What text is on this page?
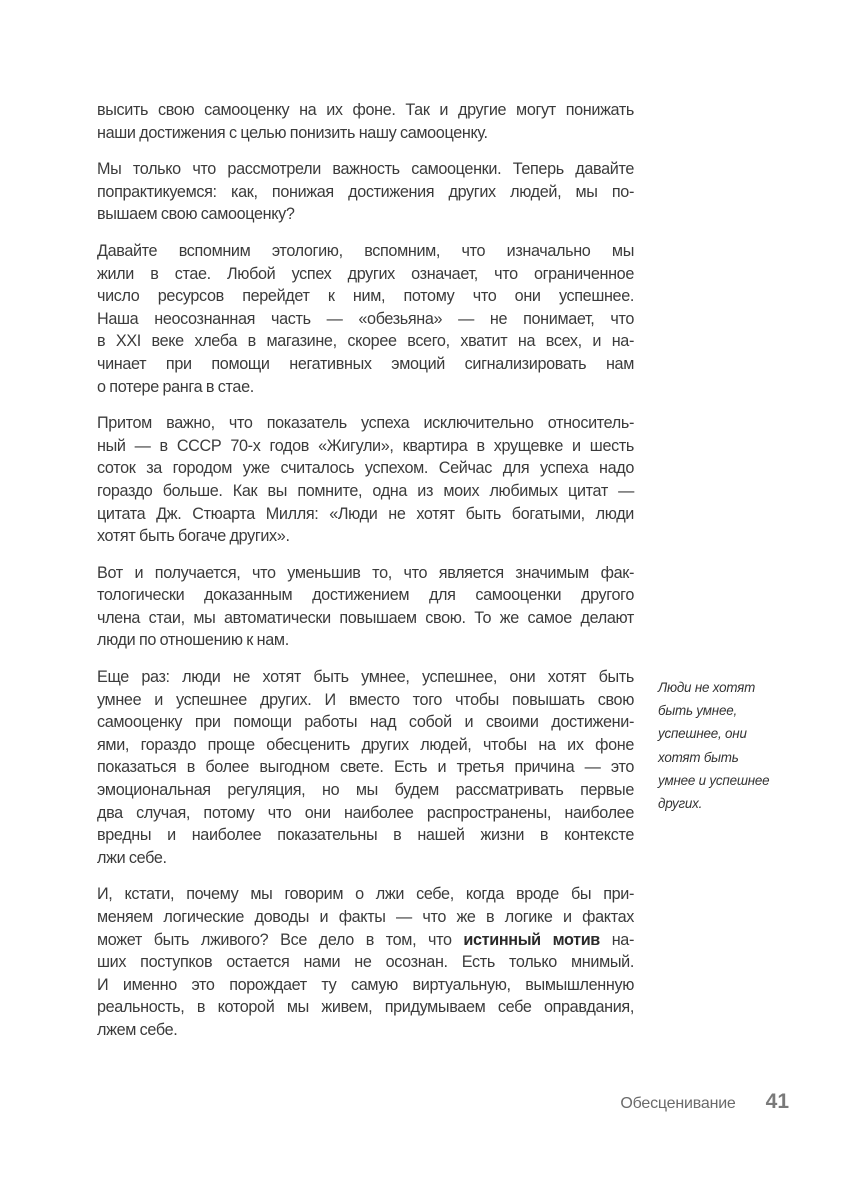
высить свою самооценку на их фоне. Так и другие могут понижать
наши достижения с целью понизить нашу самооценку.

Мы только что рассмотрели важность самооценки. Теперь давайте
попрактикуемся: как, понижая достижения других людей, мы по-
вышаем свою самооценку?

Давайте вспомним этологию, вспомним, что изначально мы
жили в стае. Любой успех других означает, что ограниченное
число ресурсов перейдет к ним, потому что они успешнее.
Наша неосознанная часть — «обезьяна» — не понимает, что
в XXI веке хлеба в магазине, скорее всего, хватит на всех, и на-
чинает при помощи негативных эмоций сигнализировать нам
о потере ранга в стае.

Притом важно, что показатель успеха исключительно относитель-
ный — в СССР 70-х годов «Жигули», квартира в хрущевке и шесть
соток за городом уже считалось успехом. Сейчас для успеха надо
гораздо больше. Как вы помните, одна из моих любимых цитат —
цитата Дж. Стюарта Милля: «Люди не хотят быть богатыми, люди
хотят быть богаче других».

Вот и получается, что уменьшив то, что является значимым фак-
тологически доказанным достижением для самооценки другого
члена стаи, мы автоматически повышаем свою. То же самое делают
люди по отношению к нам.

Еще раз: люди не хотят быть умнее, успешнее, они хотят быть
умнее и успешнее других. И вместо того чтобы повышать свою
самооценку при помощи работы над собой и своими достижени-
ями, гораздо проще обесценить других людей, чтобы на их фоне
показаться в более выгодном свете. Есть и третья причина — это
эмоциональная регуляция, но мы будем рассматривать первые
два случая, потому что они наиболее распространены, наиболее
вредны и наиболее показательны в нашей жизни в контексте
лжи себе.

И, кстати, почему мы говорим о лжи себе, когда вроде бы при-
меняем логические доводы и факты — что же в логике и фактах
может быть лживого? Все дело в том, что истинный мотив на-
ших поступков остается нами не осознан. Есть только мнимый.
И именно это порождает ту самую виртуальную, вымышленную
реальность, в которой мы живем, придумываем себе оправдания,
лжем себе.

Люди не хотят
быть умнее,
успешнее, они
хотят быть
умнее и успешнее
других.
Обесценивание 41
